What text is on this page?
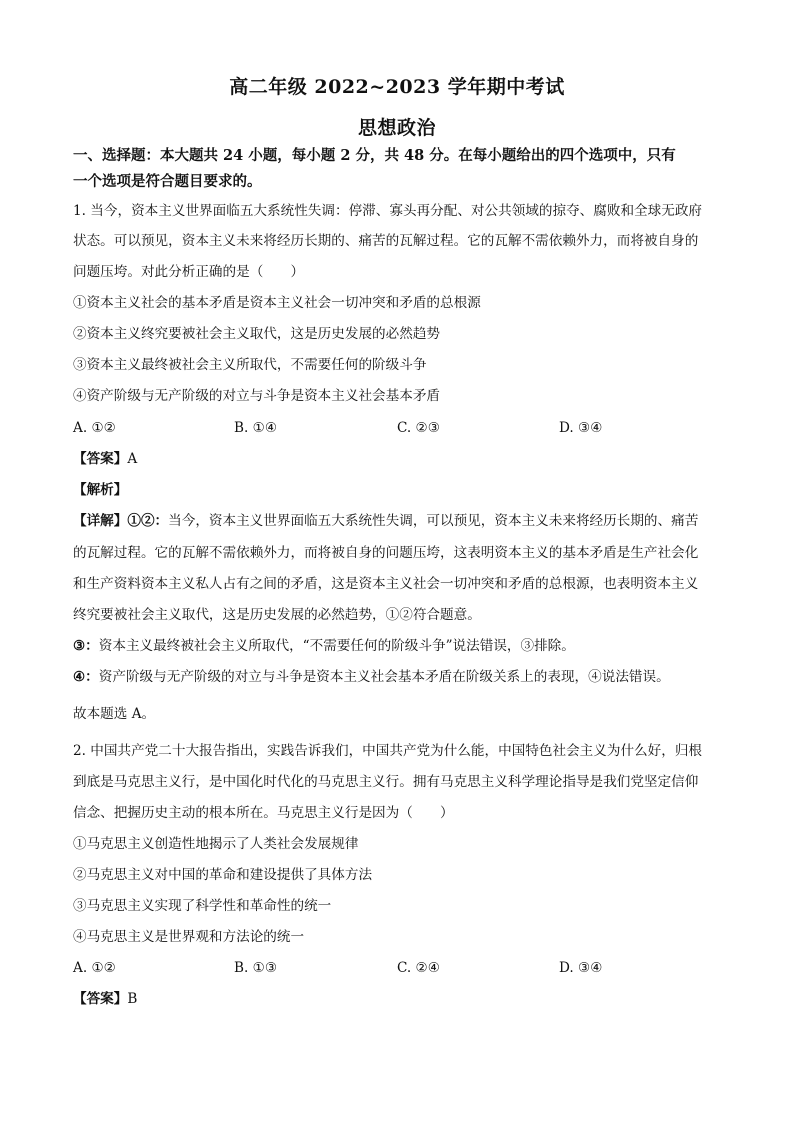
高二年级 2022~2023 学年期中考试
思想政治
一、选择题：本大题共 24 小题，每小题 2 分，共 48 分。在每小题给出的四个选项中，只有
一个选项是符合题目要求的。
1. 当今，资本主义世界面临五大系统性失调：停滞、寡头再分配、对公共领域的掠夺、腐败和全球无政府
状态。可以预见，资本主义未来将经历长期的、痛苦的瓦解过程。它的瓦解不需依赖外力，而将被自身的
问题压垮。对此分析正确的是（　　）
①资本主义社会的基本矛盾是资本主义社会一切冲突和矛盾的总根源
②资本主义终究要被社会主义取代，这是历史发展的必然趋势
③资本主义最终被社会主义所取代，不需要任何的阶级斗争
④资产阶级与无产阶级的对立与斗争是资本主义社会基本矛盾
A. ①②	B. ①④	C. ②③	D. ③④
【答案】A
【解析】
【详解】①②：当今，资本主义世界面临五大系统性失调，可以预见，资本主义未来将经历长期的、痛苦
的瓦解过程。它的瓦解不需依赖外力，而将被自身的问题压垮，这表明资本主义的基本矛盾是生产社会化
和生产资料资本主义私人占有之间的矛盾，这是资本主义社会一切冲突和矛盾的总根源，也表明资本主义
终究要被社会主义取代，这是历史发展的必然趋势，①②符合题意。
③：资本主义最终被社会主义所取代，“不需要任何的阶级斗争”说法错误，③排除。
④：资产阶级与无产阶级的对立与斗争是资本主义社会基本矛盾在阶级关系上的表现，④说法错误。
故本题选 A。
2. 中国共产党二十大报告指出，实践告诉我们，中国共产党为什么能，中国特色社会主义为什么好，归根
到底是马克思主义行，是中国化时代化的马克思主义行。拥有马克思主义科学理论指导是我们党坚定信仰
信念、把握历史主动的根本所在。马克思主义行是因为（　　）
①马克思主义创造性地揭示了人类社会发展规律
②马克思主义对中国的革命和建设提供了具体方法
③马克思主义实现了科学性和革命性的统一
④马克思主义是世界观和方法论的统一
A. ①②	B. ①③	C. ②④	D. ③④
【答案】B
